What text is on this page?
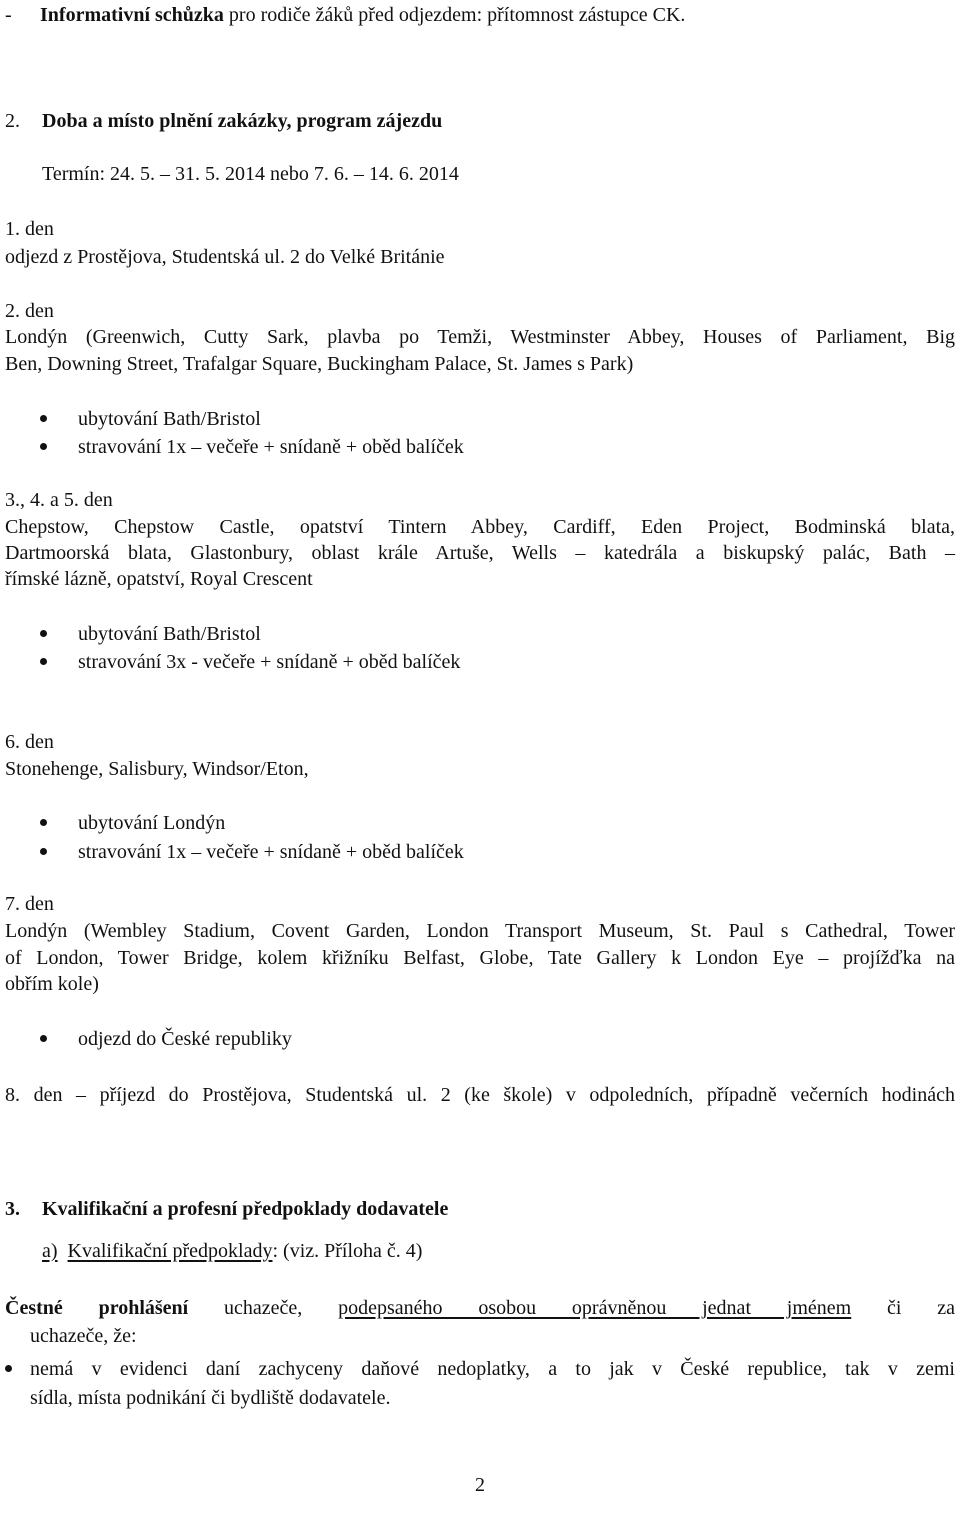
- Informativní schůzka pro rodiče žáků před odjezdem: přítomnost zástupce CK.
2. Doba a místo plnění zakázky, program zájezdu
Termín: 24. 5. – 31. 5. 2014 nebo 7. 6. – 14. 6. 2014
1. den
odjezd z Prostějova, Studentská ul. 2 do Velké Británie
2. den
Londýn (Greenwich, Cutty Sark, plavba po Temži, Westminster Abbey, Houses of Parliament, Big
Ben, Downing Street, Trafalgar Square, Buckingham Palace, St. James s Park)
ubytování Bath/Bristol
stravování 1x – večeře + snídaně + oběd balíček
3., 4. a 5. den
Chepstow, Chepstow Castle, opatství Tintern Abbey, Cardiff, Eden Project, Bodminská blata,
Dartmoorská blata, Glastonbury, oblast krále Artuše, Wells – katedrála a biskupský palác, Bath –
římské lázně, opatství, Royal Crescent
ubytování Bath/Bristol
stravování 3x - večeře + snídaně + oběd balíček
6. den
Stonehenge, Salisbury, Windsor/Eton,
ubytování Londýn
stravování 1x – večeře + snídaně + oběd balíček
7. den
Londýn (Wembley Stadium, Covent Garden, London Transport Museum, St. Paul s Cathedral, Tower
of London, Tower Bridge, kolem křižníku Belfast, Globe, Tate Gallery k London Eye – projížďka na
obřím kole)
odjezd do České republiky
8. den – příjezd do Prostějova, Studentská ul. 2 (ke škole) v odpoledních, případně večerních hodinách
3. Kvalifikační a profesní předpoklady dodavatele
a) Kvalifikační předpoklady: (viz. Příloha č. 4)
Čestné prohlášení uchazeče, podepsaného osobou oprávněnou jednat jménem či za
uchazeče, že:
nemá v evidenci daní zachyceny daňové nedoplatky, a to jak v České republice, tak v zemi
sídla, místa podnikání či bydliště dodavatele.
2
